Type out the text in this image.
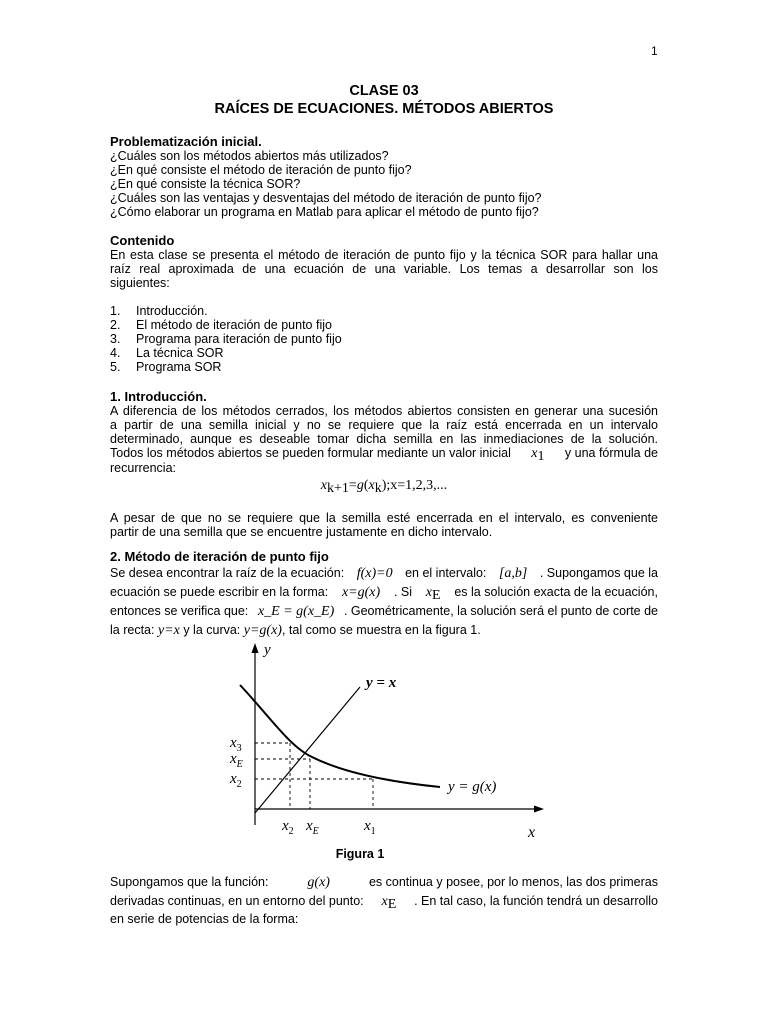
1
CLASE 03
RAÍCES DE ECUACIONES. MÉTODOS ABIERTOS
Problematización inicial.
¿Cuáles son los métodos abiertos más utilizados?
¿En qué consiste el método de iteración de punto fijo?
¿En qué consiste la técnica SOR?
¿Cuáles son las ventajas y desventajas del método de iteración de punto fijo?
¿Cómo elaborar un programa en Matlab para aplicar el método de punto fijo?
Contenido
En esta clase se presenta el método de iteración de punto fijo y la técnica SOR para hallar una
raíz real aproximada de una ecuación de una variable. Los temas a desarrollar son los
siguientes:
1.	Introducción.
2.	El método de iteración de punto fijo
3.	Programa para iteración de punto fijo
4.	La técnica SOR
5.	Programa SOR
1. Introducción.
A diferencia de los métodos cerrados, los métodos abiertos consisten en generar una sucesión
a partir de una semilla inicial y no se requiere que la raíz está encerrada en un intervalo
determinado, aunque es deseable tomar dicha semilla en las inmediaciones de la solución.
Todos los métodos abiertos se pueden formular mediante un valor inicial $x_1$ y una fórmula de
recurrencia:
$x_{k+1}=g(x_k);x=1,2,3$,...
A pesar de que no se requiere que la semilla esté encerrada en el intervalo, es conveniente
partir de una semilla que se encuentre justamente en dicho intervalo.
2. Método de iteración de punto fijo
Se desea encontrar la raíz de la ecuación: f(x)=0 en el intervalo: [a,b] . Supongamos que la
ecuación se puede escribir en la forma: x=g(x) . Si $x_E$ es la solución exacta de la ecuación,
entonces se verifica que: x_E = g(x_E) . Geométricamente, la solución será el punto de corte de
la recta: y=x y la curva: y=g(x), tal como se muestra en la figura 1.
y
x
y = x
y = g(x)
$x_3$
$x_E$
$x_2$
$x_2$ $x_E$	$x_1$
Figura 1
Supongamos que la función:	g(x)	es continua y posee, por lo menos, las dos primeras
derivadas continuas, en un entorno del punto: $x_E$ . En tal caso, la función tendrá un desarrollo
en serie de potencias de la forma:
